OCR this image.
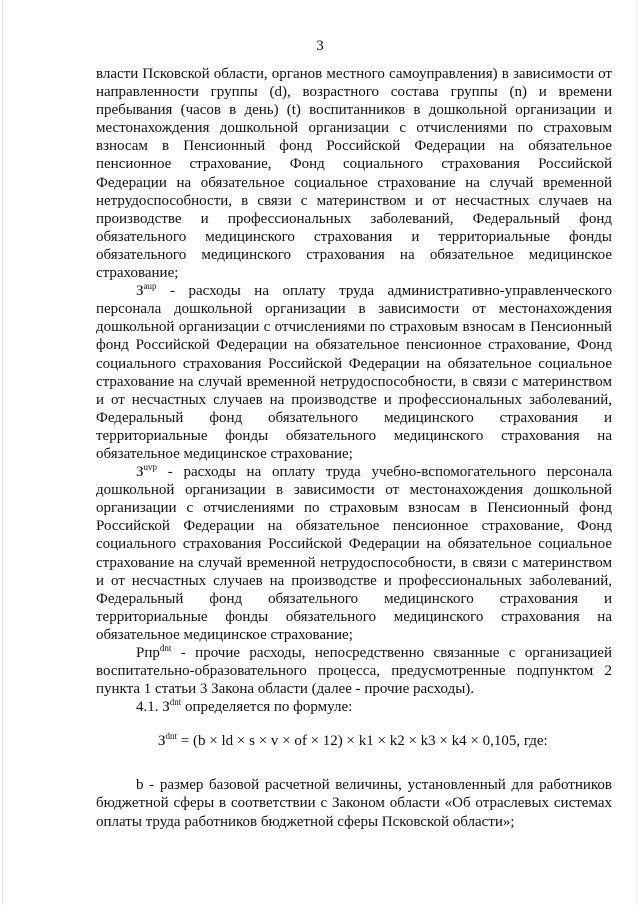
3

власти Псковской области, органов местного самоуправления) в зависимости от направленности группы (d), возрастного состава группы (n) и времени пребывания (часов в день) (t) воспитанников в дошкольной организации и местонахождения дошкольной организации с отчислениями по страховым взносам в Пенсионный фонд Российской Федерации на обязательное пенсионное страхование, Фонд социального страхования Российской Федерации на обязательное социальное страхование на случай временной нетрудоспособности, в связи с материнством и от несчастных случаев на производстве и профессиональных заболеваний, Федеральный фонд обязательного медицинского страхования и территориальные фонды обязательного медицинского страхования на обязательное медицинское страхование;

$З^{aup}$ - расходы на оплату труда административно-управленческого персонала дошкольной организации в зависимости от местонахождения дошкольной организации с отчислениями по страховым взносам в Пенсионный фонд Российской Федерации на обязательное пенсионное страхование, Фонд социального страхования Российской Федерации на обязательное социальное страхование на случай временной нетрудоспособности, в связи с материнством и от несчастных случаев на производстве и профессиональных заболеваний, Федеральный фонд обязательного медицинского страхования и территориальные фонды обязательного медицинского страхования на обязательное медицинское страхование;

$З^{uvp}$ - расходы на оплату труда учебно-вспомогательного персонала дошкольной организации в зависимости от местонахождения дошкольной организации с отчислениями по страховым взносам в Пенсионный фонд Российской Федерации на обязательное пенсионное страхование, Фонд социального страхования Российской Федерации на обязательное социальное страхование на случай временной нетрудоспособности, в связи с материнством и от несчастных случаев на производстве и профессиональных заболеваний, Федеральный фонд обязательного медицинского страхования и территориальные фонды обязательного медицинского страхования на обязательное медицинское страхование;

Рпр$^{dnt}$ - прочие расходы, непосредственно связанные с организацией воспитательно-образовательного процесса, предусмотренные подпунктом 2 пункта 1 статьи 3 Закона области (далее - прочие расходы).

4.1. $З^{dnt}$ определяется по формуле:

$З^{dnt} = (b$ × ld × s × v × of × 12) × k1 × k2 × k3 × k4 × 0,105, где:

b - размер базовой расчетной величины, установленный для работников бюджетной сферы в соответствии с Законом области «Об отраслевых системах оплаты труда работников бюджетной сферы Псковской области»;
